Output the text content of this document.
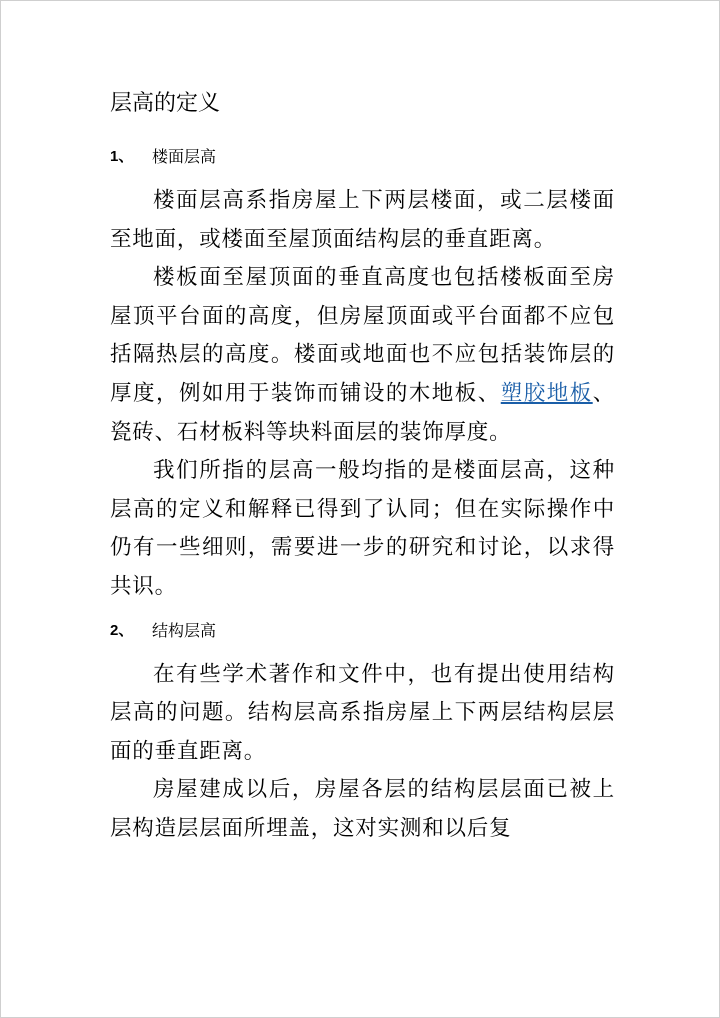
层高的定义
1、	楼面层高

楼面层高系指房屋上下两层楼面，或二层楼面至地面，或楼面至屋顶面结构层的垂直距离。

楼板面至屋顶面的垂直高度也包括楼板面至房屋顶平台面的高度，但房屋顶面或平台面都不应包括隔热层的高度。楼面或地面也不应包括装饰层的厚度，例如用于装饰而铺设的木地板、塑胶地板、瓷砖、石材板料等块料面层的装饰厚度。

我们所指的层高一般均指的是楼面层高，这种层高的定义和解释已得到了认同；但在实际操作中仍有一些细则，需要进一步的研究和讨论，以求得共识。

2、	结构层高

在有些学术著作和文件中，也有提出使用结构层高的问题。结构层高系指房屋上下两层结构层层面的垂直距离。

房屋建成以后，房屋各层的结构层层面已被上层构造层层面所埋盖，这对实测和以后复
